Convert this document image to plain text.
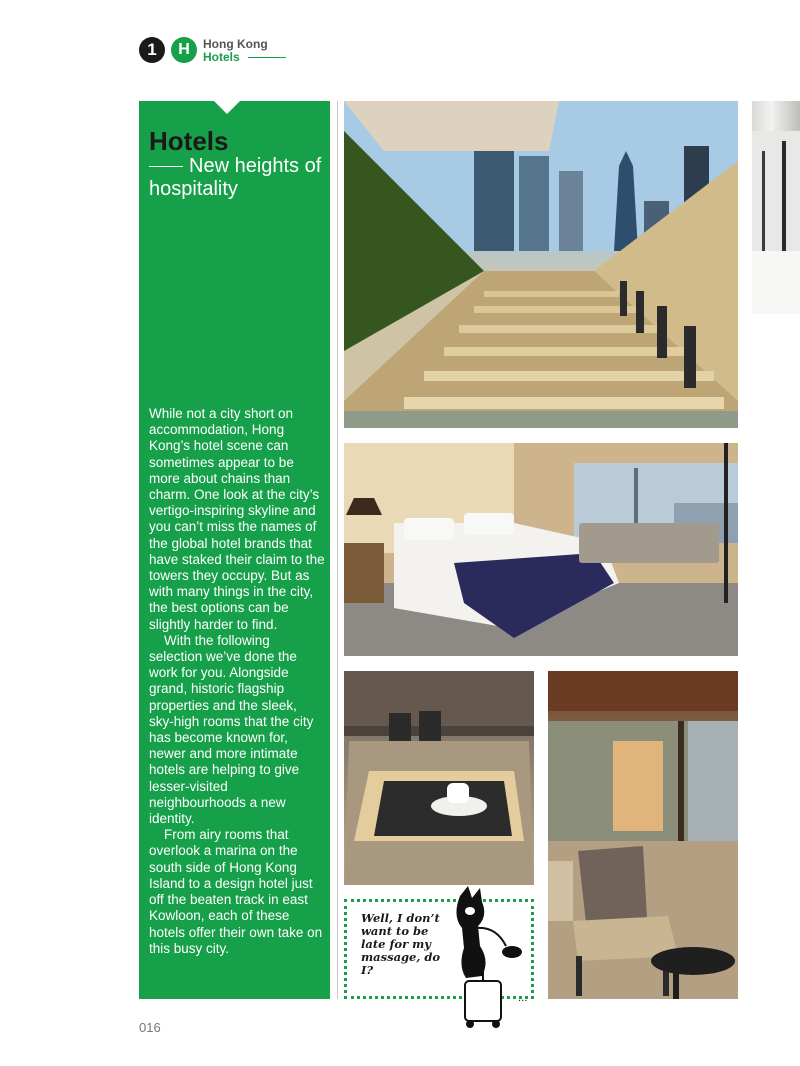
1	H Hong Kong
Hotels
Hotels

New heights of hospitality

While not a city short on accommodation, Hong Kong’s hotel scene can sometimes appear to be more about chains than charm. One look at the city’s vertigo-inspiring skyline and you can’t miss the names of the global hotel brands that have staked their claim to the towers they occupy. But as with many things in the city, the best options can be slightly harder to find.

With the following selection we’ve done the work for you. Alongside grand, historic flagship properties and the sleek, sky-high rooms that the city has become known for, newer and more intimate hotels are helping to give lesser-visited neighbourhoods a new identity.

From airy rooms that overlook a marina on the south side of Hong Kong Island to a design hotel just off the beaten track in east Kowloon, each of these hotels offer their own take on this busy city.

Well, I don’t want to be late for my massage, do I?
...
016
